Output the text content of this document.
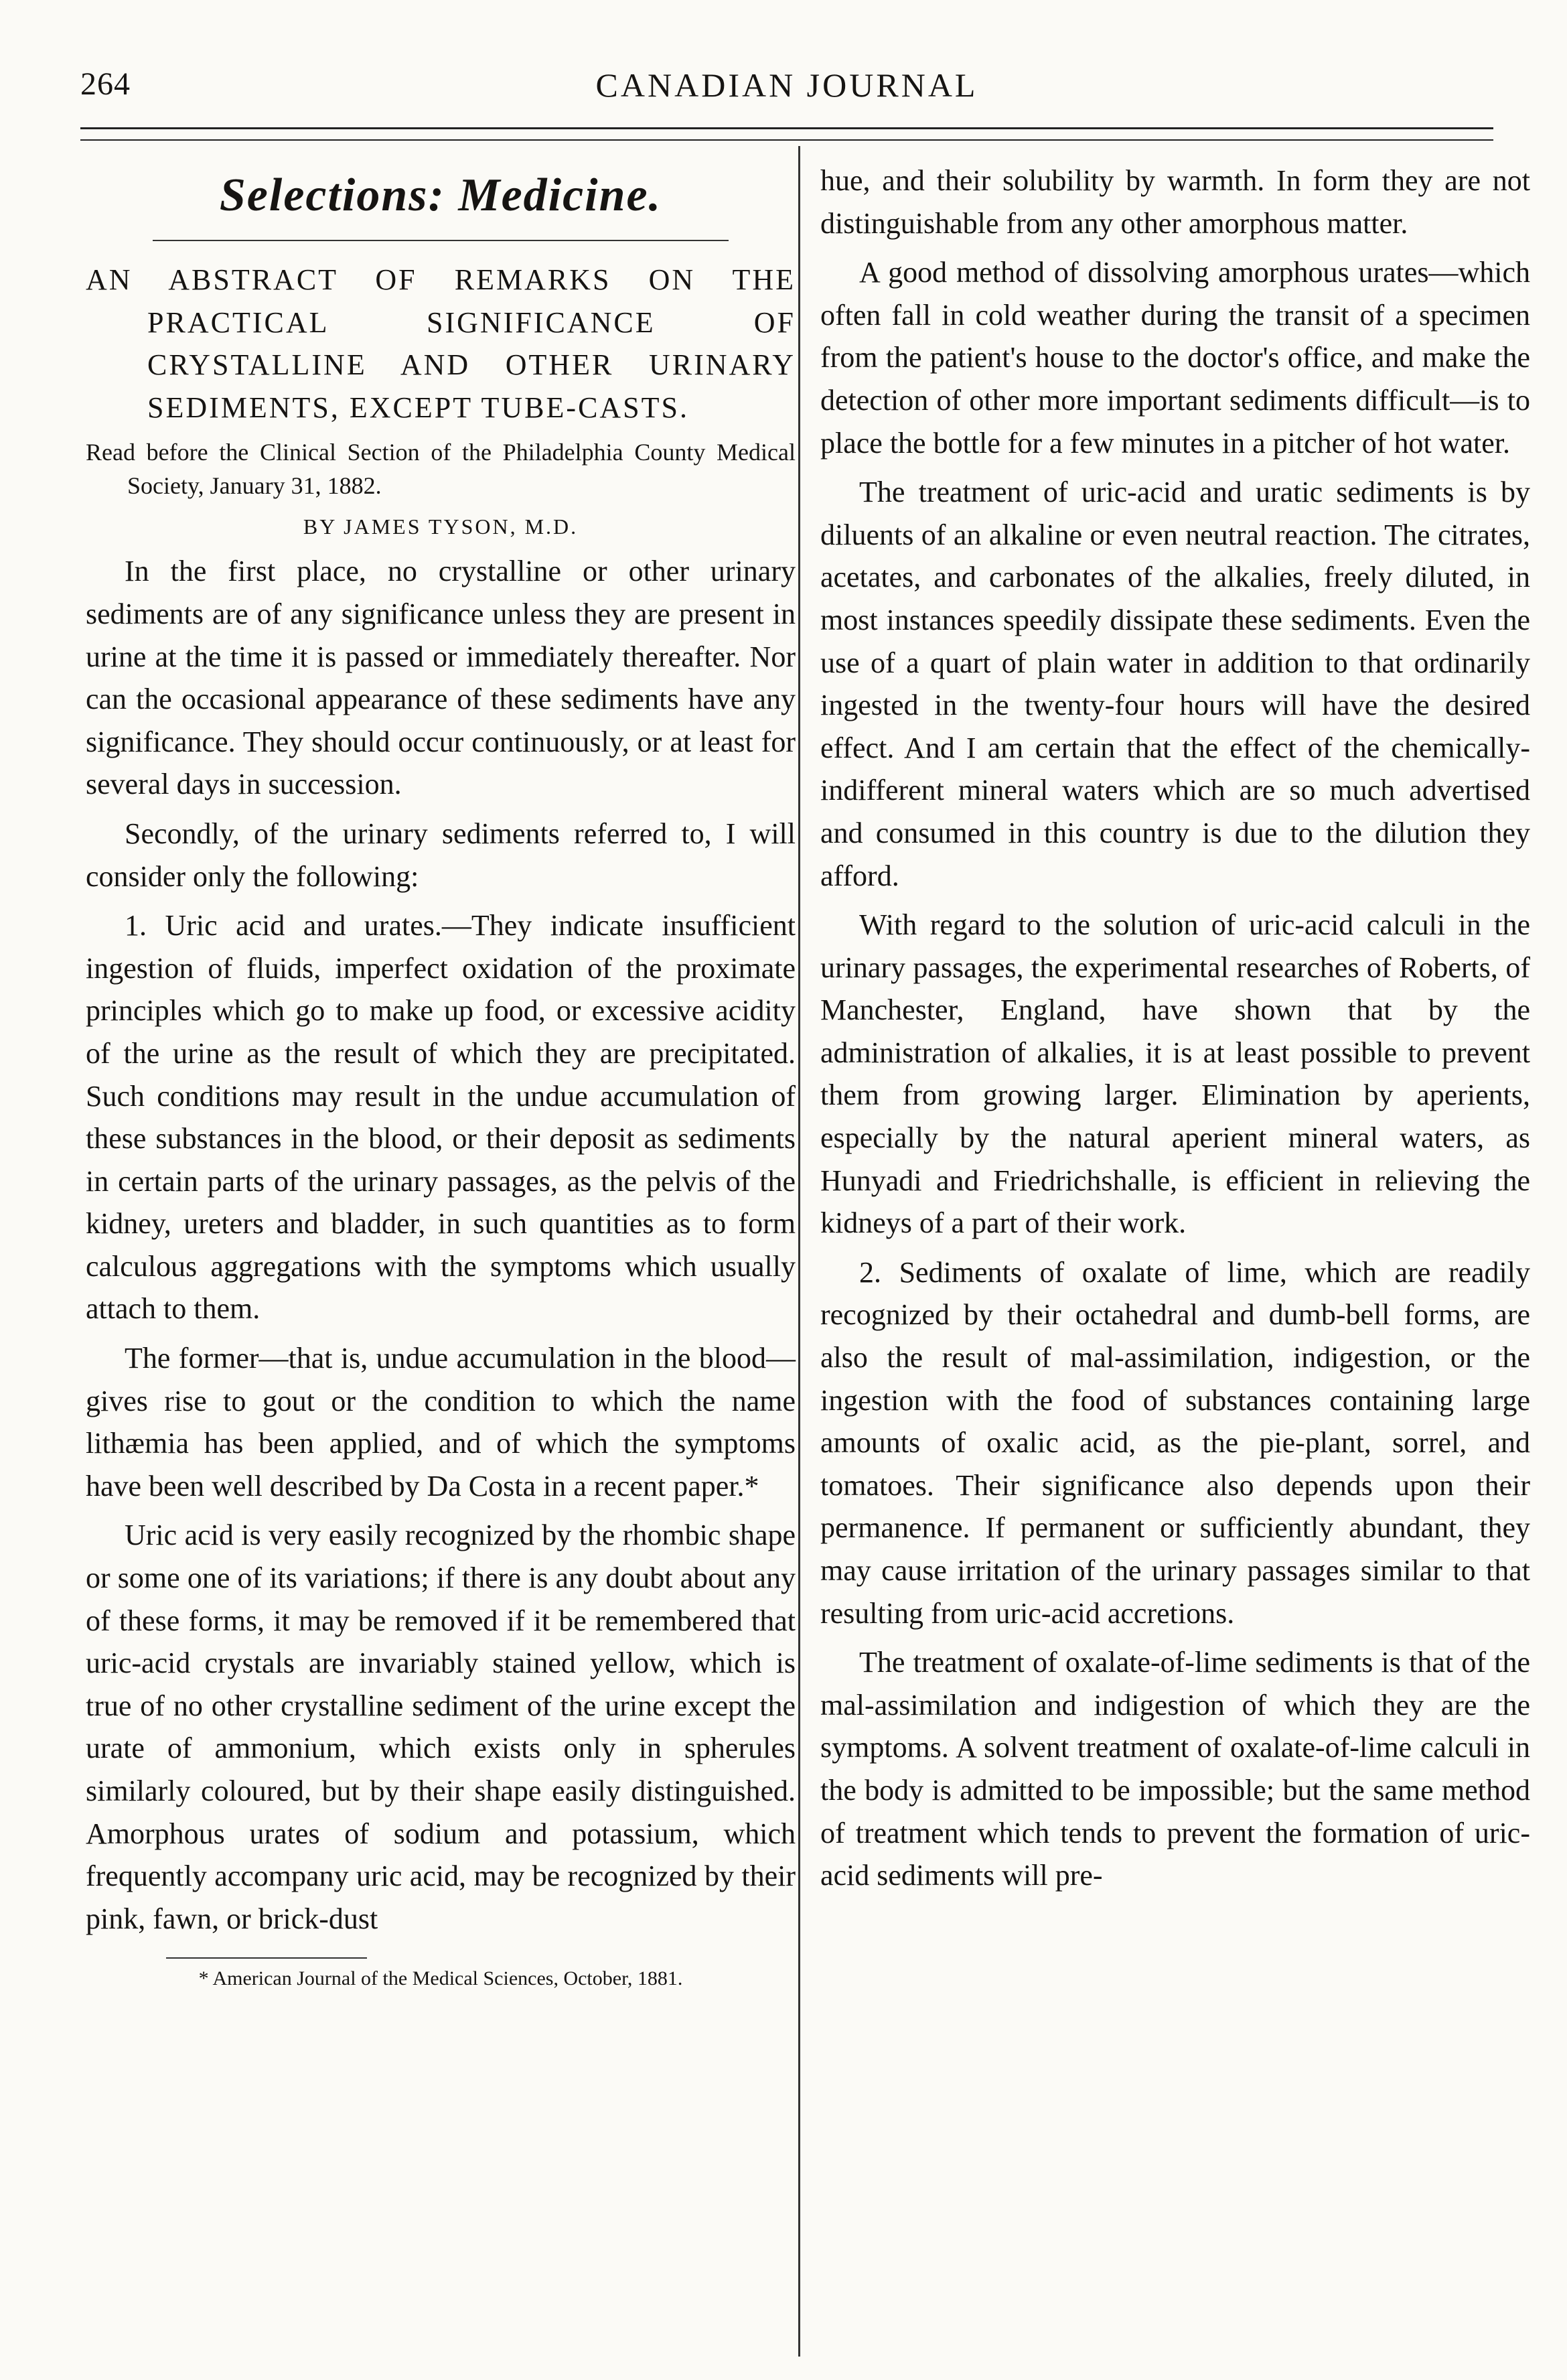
264	CANADIAN JOURNAL
Selections: Medicine.

AN ABSTRACT OF REMARKS ON THE PRACTICAL SIGNIFICANCE OF CRYSTALLINE AND OTHER URINARY SEDIMENTS, EXCEPT TUBE-CASTS.

Read before the Clinical Section of the Philadelphia County Medical Society, January 31, 1882.

BY JAMES TYSON, M.D.

In the first place, no crystalline or other urinary sediments are of any significance unless they are present in urine at the time it is passed or immediately thereafter. Nor can the occasional appearance of these sediments have any significance. They should occur continuously, or at least for several days in succession.

Secondly, of the urinary sediments referred to, I will consider only the following:

1. Uric acid and urates.—They indicate insufficient ingestion of fluids, imperfect oxidation of the proximate principles which go to make up food, or excessive acidity of the urine as the result of which they are precipitated. Such conditions may result in the undue accumulation of these substances in the blood, or their deposit as sediments in certain parts of the urinary passages, as the pelvis of the kidney, ureters and bladder, in such quantities as to form calculous aggregations with the symptoms which usually attach to them.

The former—that is, undue accumulation in the blood—gives rise to gout or the condition to which the name lithæmia has been applied, and of which the symptoms have been well described by Da Costa in a recent paper.*

Uric acid is very easily recognized by the rhombic shape or some one of its variations; if there is any doubt about any of these forms, it may be removed if it be remembered that uric-acid crystals are invariably stained yellow, which is true of no other crystalline sediment of the urine except the urate of ammonium, which exists only in spherules similarly coloured, but by their shape easily distinguished. Amorphous urates of sodium and potassium, which frequently accompany uric acid, may be recognized by their pink, fawn, or brick-dust

* American Journal of the Medical Sciences, October, 1881.

hue, and their solubility by warmth. In form they are not distinguishable from any other amorphous matter.

A good method of dissolving amorphous urates—which often fall in cold weather during the transit of a specimen from the patient's house to the doctor's office, and make the detection of other more important sediments difficult—is to place the bottle for a few minutes in a pitcher of hot water.

The treatment of uric-acid and uratic sediments is by diluents of an alkaline or even neutral reaction. The citrates, acetates, and carbonates of the alkalies, freely diluted, in most instances speedily dissipate these sediments. Even the use of a quart of plain water in addition to that ordinarily ingested in the twenty-four hours will have the desired effect. And I am certain that the effect of the chemically-indifferent mineral waters which are so much advertised and consumed in this country is due to the dilution they afford.

With regard to the solution of uric-acid calculi in the urinary passages, the experimental researches of Roberts, of Manchester, England, have shown that by the administration of alkalies, it is at least possible to prevent them from growing larger. Elimination by aperients, especially by the natural aperient mineral waters, as Hunyadi and Friedrichshalle, is efficient in relieving the kidneys of a part of their work.

2. Sediments of oxalate of lime, which are readily recognized by their octahedral and dumb-bell forms, are also the result of mal-assimilation, indigestion, or the ingestion with the food of substances containing large amounts of oxalic acid, as the pie-plant, sorrel, and tomatoes. Their significance also depends upon their permanence. If permanent or sufficiently abundant, they may cause irritation of the urinary passages similar to that resulting from uric-acid accretions.

The treatment of oxalate-of-lime sediments is that of the mal-assimilation and indigestion of which they are the symptoms. A solvent treatment of oxalate-of-lime calculi in the body is admitted to be impossible; but the same method of treatment which tends to prevent the formation of uric-acid sediments will pre-
